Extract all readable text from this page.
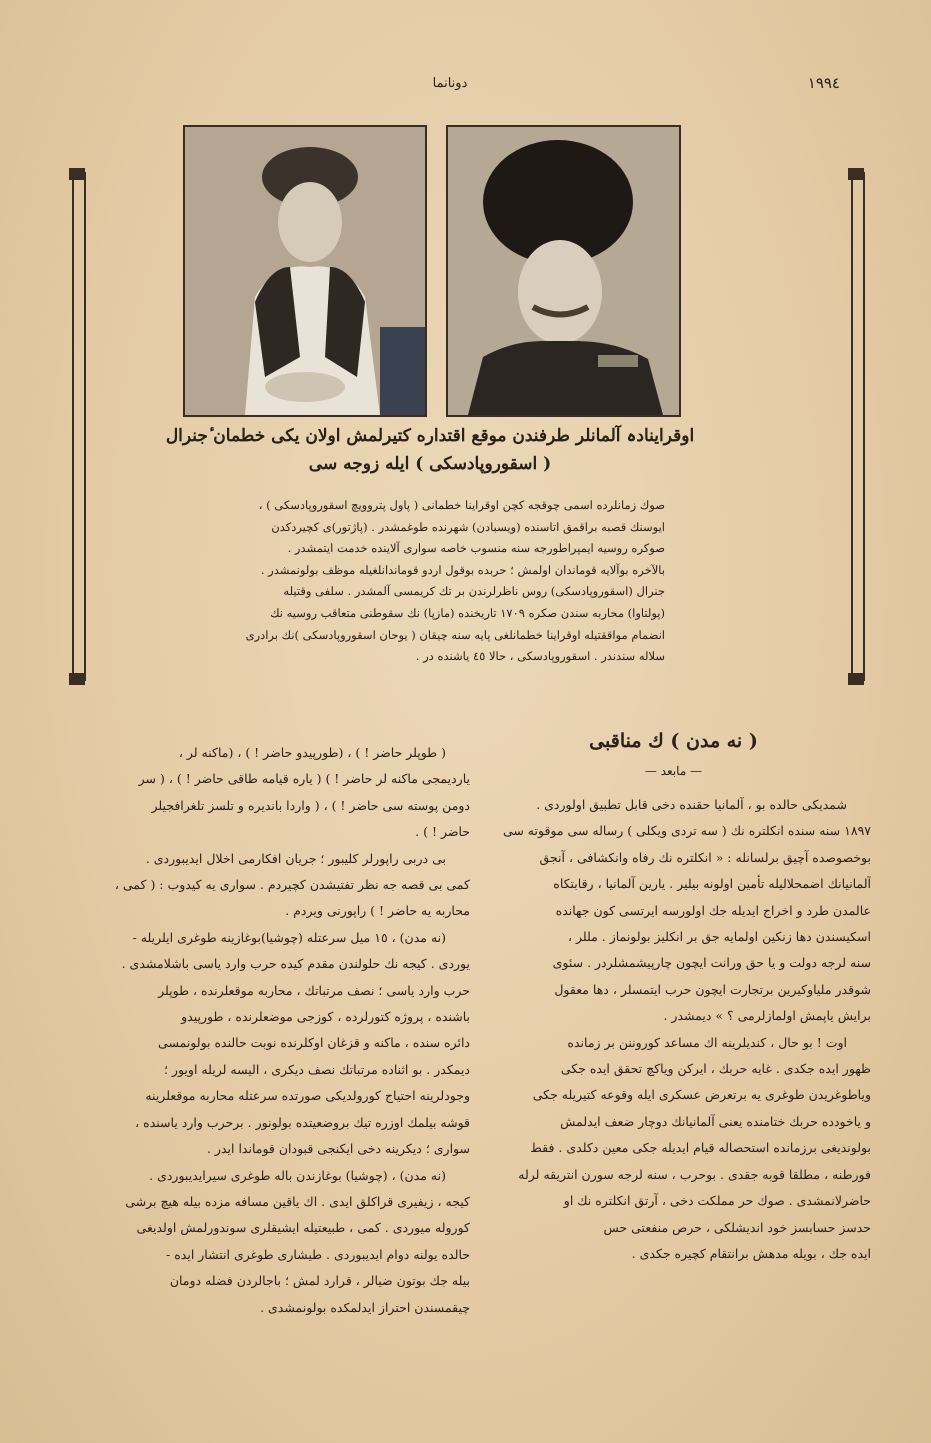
١٩٩٤
دونانما
اوقراینادہ آلمانلر طرفندن موقع اقتداره کتیرلمش اولان یکی خطمان ٔجنرال
( اسقوروپادسکی ) ایله زوجه سی

صوك زمانلرده اسمی چوقجه کچن اوقراینا خطمانی ( پاول پتروویچ اسقوروپادسکی ) ،

ایوسنك قصبه براقمق اتاسنده (ویسبادن) شهرنده طوغمشدر . (پاژتور)ی کچیردکدن

صوکره روسیه ایمپراطورجه سنه منسوب خاصه سواری آلاینده خدمت ایتمشدر .

بالآخره بوآلایه قوماندان اولمش ؛ حربده بوقول اردو قوماندانلغیله موظف بولونمشدر .

جنرال (اسقوروپادسکی) روس ناظرلرندن بر تك كريمسی آلمشدر . سلفی وقتیله

(پولتاوا) محاربه سندن صکره ١٧٠٩ تاریخنده (مازپا) نك سقوطنی متعاقب روسیه نك

انضمام مواققتیله اوقراینا خطمانلغی پایه سنه چیقان ( یوحان اسقوروپادسکی )نك برادری

سلاله سندندر . اسقوروپادسکی ، حالا ٤٥ یاشنده در .

( نه مدن ) ك مناقبی
— مابعد —

شمدیکی حالده بو ، آلمانیا حقنده دخی قابل تطبیق اولوردی .

١٨٩٧ سنه سنده انکلتره نك ( سه تردی ویکلی ) رساله سی موقوته سی

بوخصوصده آچیق برلسانله : « انکلتره نك رفاه وانکشافی ، آنجق

آلمانیانك اضمحلالیله تأمین اولونه بیلیر . یارین آلمانیا ، رقابتکاه

عالمدن طرد و اخراج ایدیله جك اولورسه ایرتسی کون جهانده

اسکیسندن دها زنکین اولمایه جق بر انکلیز بولونماز . مللر ،

سنه لرجه دولت و یا حق ورانت ایچون چارپیشمشلردر . سئوی

شوقدر ملیاوکیرین برتجارت ایچون حرب ایتمسلر ، دها معقول

برایش یاپمش اولمازلرمی ؟ » دیمشدر .

اوت ! بو حال ، کندیلرینه اك مساعد کوروننن بر زمانده

ظهور ایده جکدی . غایه حربك ، ایرکن ویاکچ تحقق ایده جکی

ویاطوغریدن طوغری یه برتعرض عسکری ایله وقوعه کتیریله جکی

و یاخودده حربك ختامنده یعنی آلمانیانك دوچار ضعف ایدلمش

بولوندیغی برزمانده استحصاله قیام ایدیله جکی معین دکلدی . فقط

فورطنه ، مطلقا قوبه جقدی . بوحرب ، سنه لرجه سورن انتریقه لرله

حاضرلانمشدی . صوك حر مملکت دخی ، آرتق انکلتره نك او

حدسز حسابسز خود اندیشلکی ، حرص منفعتی حس

ایده جك ، بویله مدهش برانتقام کچیره جکدی .

( طوپلر حاضر ! ) ، (طورپیدو حاضر ! ) ، (ماکنه لر ،

یاردیمجی ماکنه لر حاضر ! ) ( یاره قیامه طاقی حاضر ! ) ، ( سر

دومن پوسته سی حاضر ! ) ، ( واردا باندیره و تلسز تلغرافجیلر

حاضر ! ) .

بی دربی راپورلر کلیبور ؛ جریان افکارمی اخلال ایدیبوردی .

کمی بی قصه جه نظر تفتیشدن کچیردم . سواری یه کیدوب : ( کمی ،

محاربه یه حاضر ! ) راپورنی ویردم .

(نه مدن) ، ١٥ میل سرعتله (چوشیا)بوغازینه طوغری ایلریله -

یوردی . کیجه نك حلولندن مقدم کیده حرب وارد یاسی باشلامشدی .

حرب وارد یاسی ؛ نصف مرتباتك ، محاربه موقعلرنده ، طوپلر

باشنده ، پروژه کتورلرده ، کوزجی موضعلرنده ، طورپیدو

دائره سنده ، ماکنه و قزغان اوکلرنده نوبت حالنده بولونمسی

دیمکدر . بو اثناده مرتباتك نصف دیکری ، الیسه لریله اویور ؛

وجودلرینه احتیاج کورولدیکی صورتده سرعتله محاربه موقعلرینه

قوشه بیلمك اوزره تیك بروضعیتده بولونور . برحرب وارد یاسنده ،

سواری ؛ دیکرینه دخی ایکنجی قبودان قوماندا ایدر .

(نه مدن) ، (چوشیا) بوغازندن باله طوغری سیرایدیبوردی .

کیجه ، زیفیری قراکلق ایدی . اك یاقین مسافه مزده بیله هیچ برشی

کوروله میوردی . کمی ، طبیعتیله ایشیقلری سوندورلمش اولدیغی

حالده یولنه دوام ایدیبوردی . طیشاری طوغری انتشار ایده -

بیله جك بوتون ضیالر ، قرارد لمش ؛ باجالردن فضله دومان

چیقمسندن احتراز ایدلمکده بولونمشدی .
